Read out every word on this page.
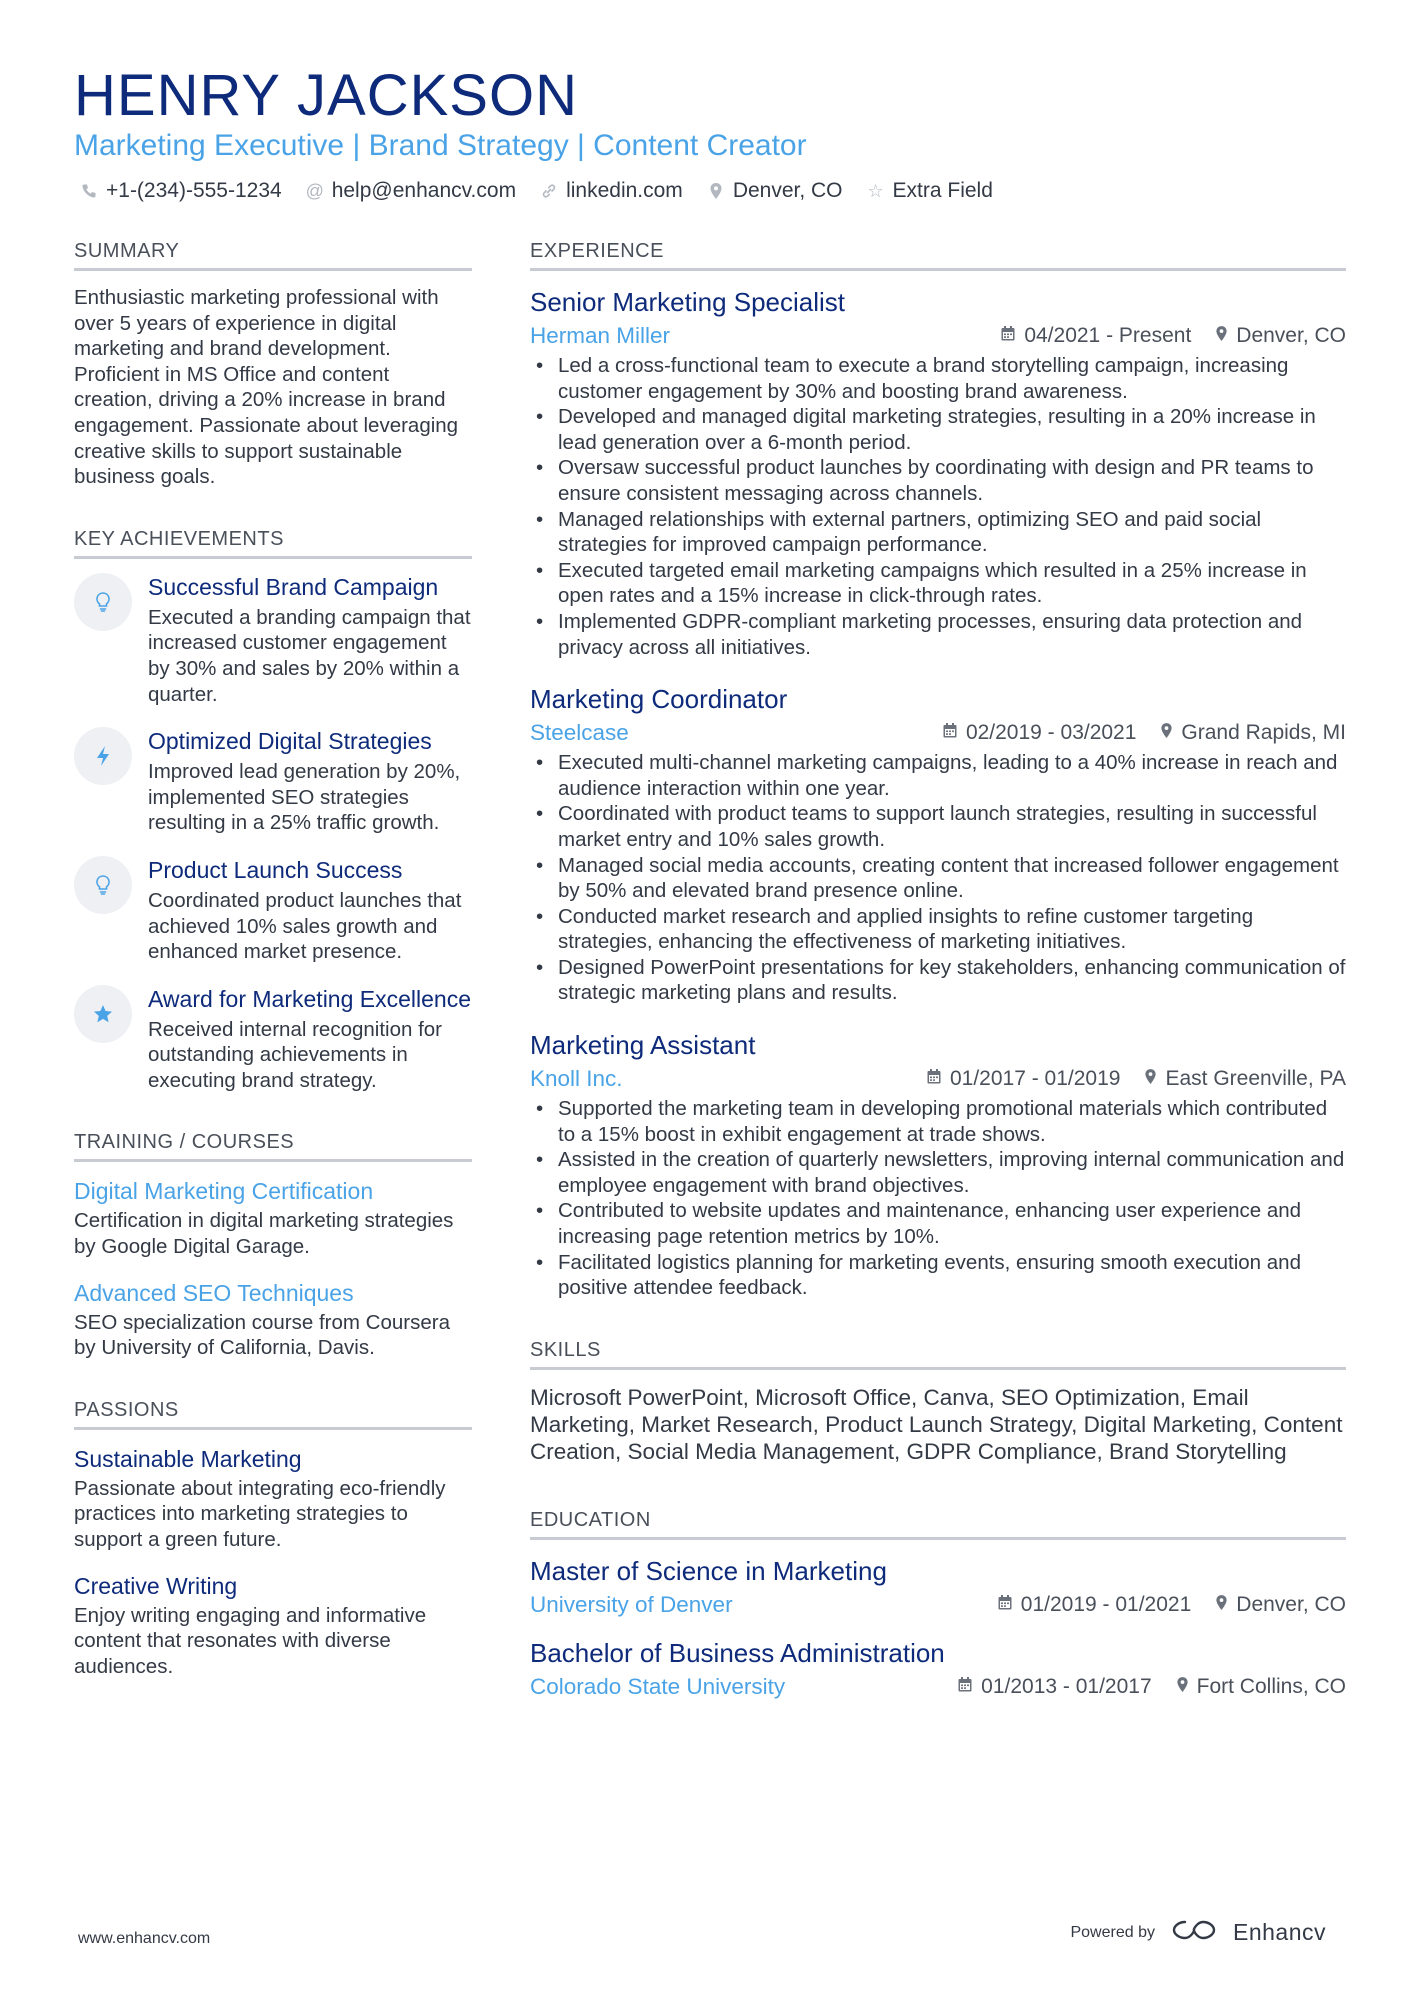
HENRY JACKSON
Marketing Executive | Brand Strategy | Content Creator
+1-(234)-555-1234 @ help@enhancv.com linkedin.com Denver, CO ☆ Extra Field
SUMMARY
Enthusiastic marketing professional with over 5 years of experience in digital marketing and brand development. Proficient in MS Office and content creation, driving a 20% increase in brand engagement. Passionate about leveraging creative skills to support sustainable business goals.
KEY ACHIEVEMENTS
Successful Brand Campaign
Executed a branding campaign that increased customer engagement by 30% and sales by 20% within a quarter.
Optimized Digital Strategies
Improved lead generation by 20%, implemented SEO strategies resulting in a 25% traffic growth.
Product Launch Success
Coordinated product launches that achieved 10% sales growth and enhanced market presence.
Award for Marketing Excellence
Received internal recognition for outstanding achievements in executing brand strategy.
TRAINING / COURSES
Digital Marketing Certification
Certification in digital marketing strategies by Google Digital Garage.
Advanced SEO Techniques
SEO specialization course from Coursera by University of California, Davis.
PASSIONS
Sustainable Marketing
Passionate about integrating eco-friendly practices into marketing strategies to support a green future.
Creative Writing
Enjoy writing engaging and informative content that resonates with diverse audiences.
EXPERIENCE
Senior Marketing Specialist
Herman Miller	04/2021 - Present Denver, CO
• Led a cross-functional team to execute a brand storytelling campaign, increasing customer engagement by 30% and boosting brand awareness.
• Developed and managed digital marketing strategies, resulting in a 20% increase in lead generation over a 6-month period.
• Oversaw successful product launches by coordinating with design and PR teams to ensure consistent messaging across channels.
• Managed relationships with external partners, optimizing SEO and paid social strategies for improved campaign performance.
• Executed targeted email marketing campaigns which resulted in a 25% increase in open rates and a 15% increase in click-through rates.
• Implemented GDPR-compliant marketing processes, ensuring data protection and privacy across all initiatives.
Marketing Coordinator
Steelcase	02/2019 - 03/2021 Grand Rapids, MI
• Executed multi-channel marketing campaigns, leading to a 40% increase in reach and audience interaction within one year.
• Coordinated with product teams to support launch strategies, resulting in successful market entry and 10% sales growth.
• Managed social media accounts, creating content that increased follower engagement by 50% and elevated brand presence online.
• Conducted market research and applied insights to refine customer targeting strategies, enhancing the effectiveness of marketing initiatives.
• Designed PowerPoint presentations for key stakeholders, enhancing communication of strategic marketing plans and results.
Marketing Assistant
Knoll Inc.	01/2017 - 01/2019 East Greenville, PA
• Supported the marketing team in developing promotional materials which contributed to a 15% boost in exhibit engagement at trade shows.
• Assisted in the creation of quarterly newsletters, improving internal communication and employee engagement with brand objectives.
• Contributed to website updates and maintenance, enhancing user experience and increasing page retention metrics by 10%.
• Facilitated logistics planning for marketing events, ensuring smooth execution and positive attendee feedback.
SKILLS
Microsoft PowerPoint, Microsoft Office, Canva, SEO Optimization, Email Marketing, Market Research, Product Launch Strategy, Digital Marketing, Content Creation, Social Media Management, GDPR Compliance, Brand Storytelling
EDUCATION
Master of Science in Marketing
University of Denver	01/2019 - 01/2021 Denver, CO
Bachelor of Business Administration
Colorado State University	01/2013 - 01/2017 Fort Collins, CO
www.enhancv.com	Powered by	Enhancv
